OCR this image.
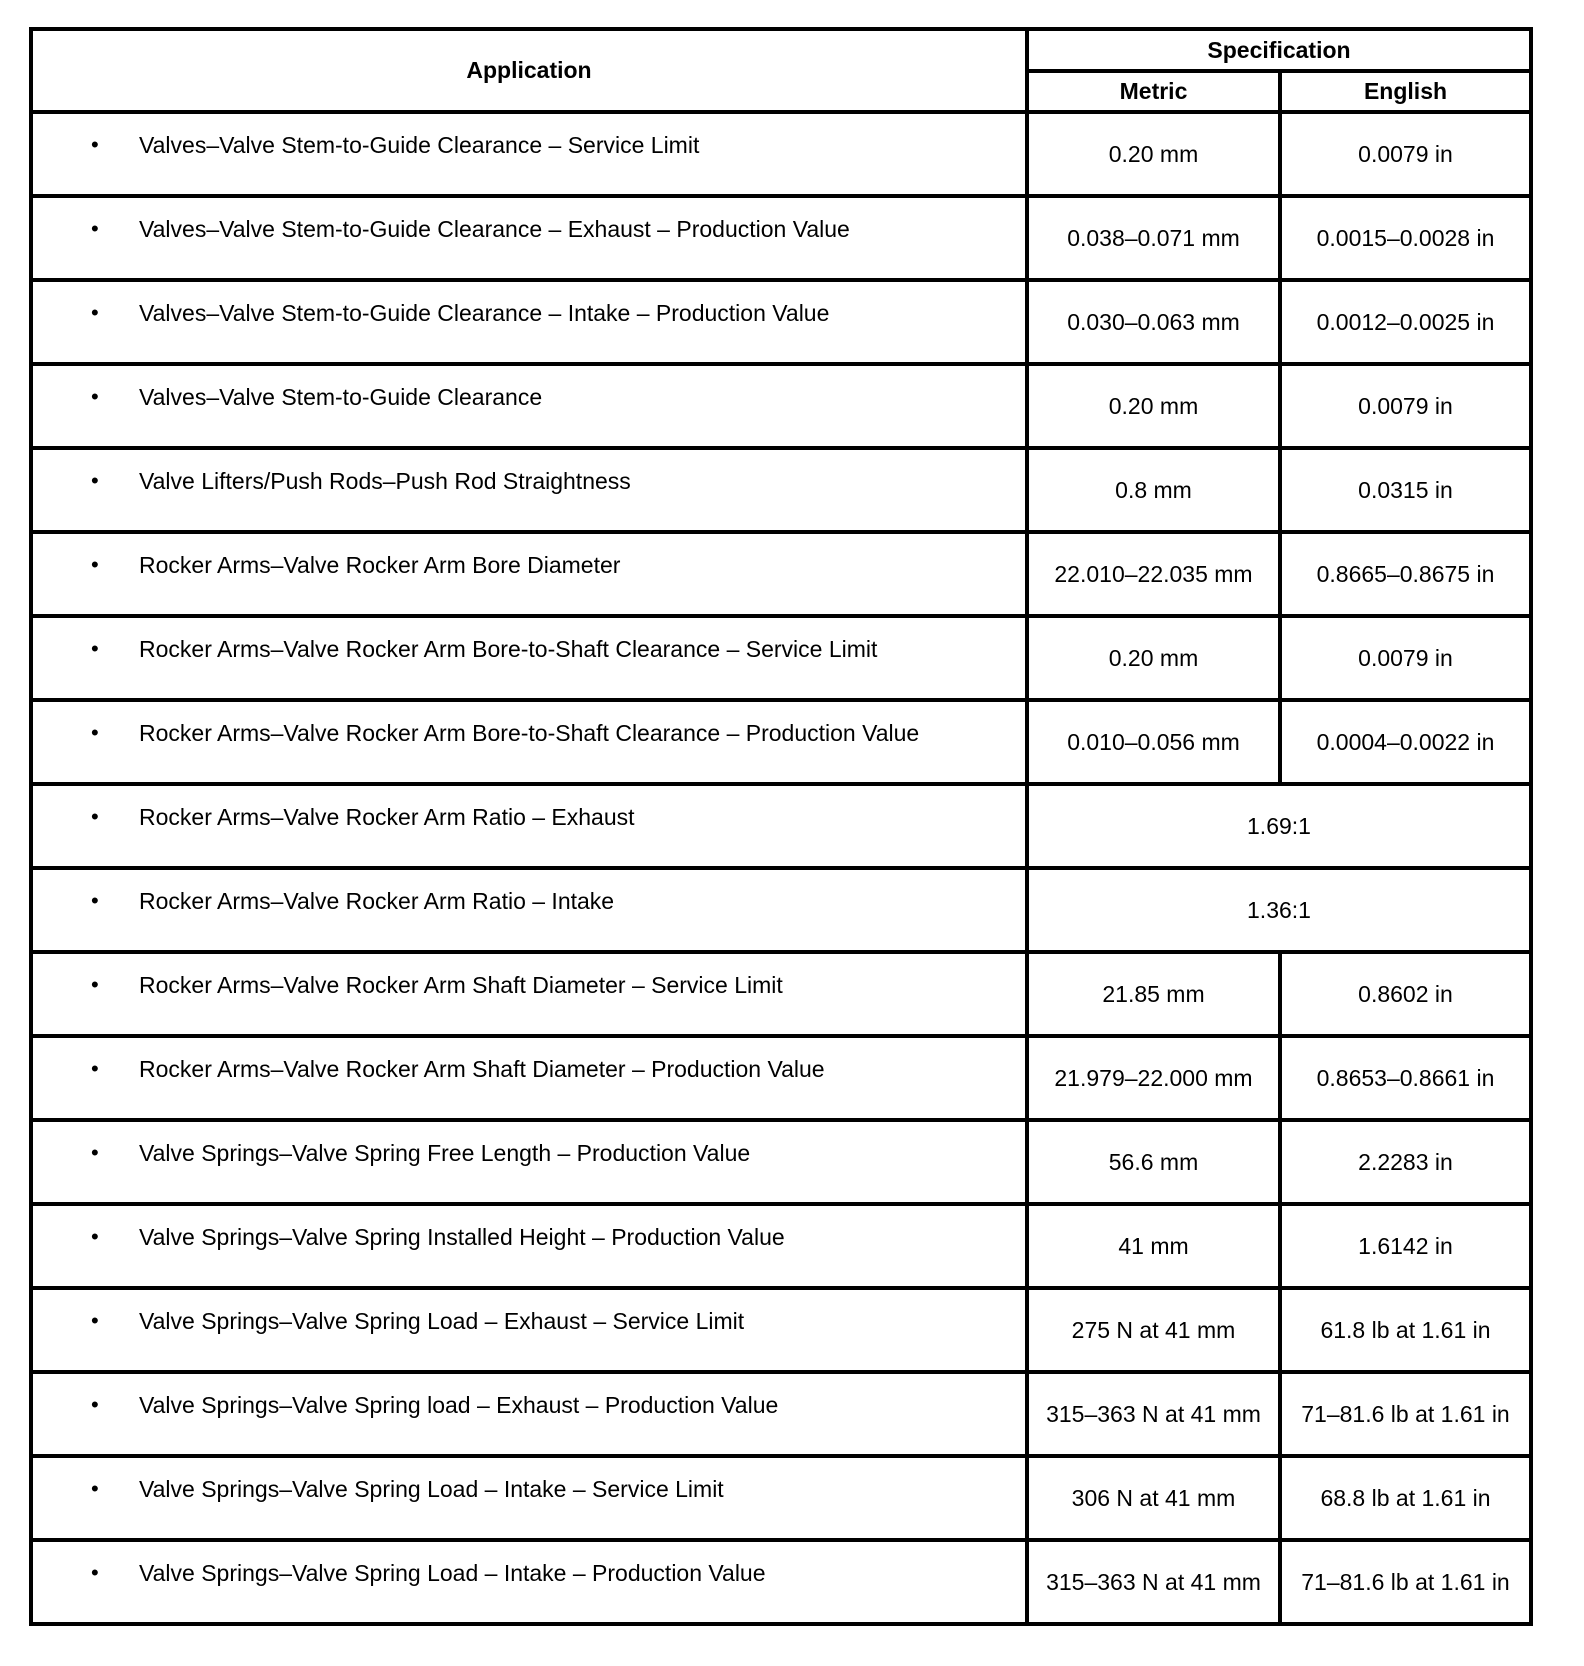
Application	Specification	
	Metric	English

• Valves–Valve Stem-to-Guide Clearance – Service Limit	0.20 mm	0.0079 in

• Valves–Valve Stem-to-Guide Clearance – Exhaust – Production Value	0.038–0.071 mm	0.0015–0.0028 in

• Valves–Valve Stem-to-Guide Clearance – Intake – Production Value	0.030–0.063 mm	0.0012–0.0025 in

• Valves–Valve Stem-to-Guide Clearance	0.20 mm	0.0079 in

• Valve Lifters/Push Rods–Push Rod Straightness	0.8 mm	0.0315 in

• Rocker Arms–Valve Rocker Arm Bore Diameter	22.010–22.035 mm	0.8665–0.8675 in

• Rocker Arms–Valve Rocker Arm Bore-to-Shaft Clearance – Service Limit	0.20 mm	0.0079 in

• Rocker Arms–Valve Rocker Arm Bore-to-Shaft Clearance – Production Value	0.010–0.056 mm	0.0004–0.0022 in

• Rocker Arms–Valve Rocker Arm Ratio – Exhaust	1.69:1	

• Rocker Arms–Valve Rocker Arm Ratio – Intake	1.36:1	

• Rocker Arms–Valve Rocker Arm Shaft Diameter – Service Limit	21.85 mm	0.8602 in

• Rocker Arms–Valve Rocker Arm Shaft Diameter – Production Value	21.979–22.000 mm	0.8653–0.8661 in

• Valve Springs–Valve Spring Free Length – Production Value	56.6 mm	2.2283 in

• Valve Springs–Valve Spring Installed Height – Production Value	41 mm	1.6142 in

• Valve Springs–Valve Spring Load – Exhaust – Service Limit	275 N at 41 mm	61.8 lb at 1.61 in

• Valve Springs–Valve Spring load – Exhaust – Production Value	315–363 N at 41 mm	71–81.6 lb at 1.61 in

• Valve Springs–Valve Spring Load – Intake – Service Limit	306 N at 41 mm	68.8 lb at 1.61 in

• Valve Springs–Valve Spring Load – Intake – Production Value	315–363 N at 41 mm	71–81.6 lb at 1.61 in
